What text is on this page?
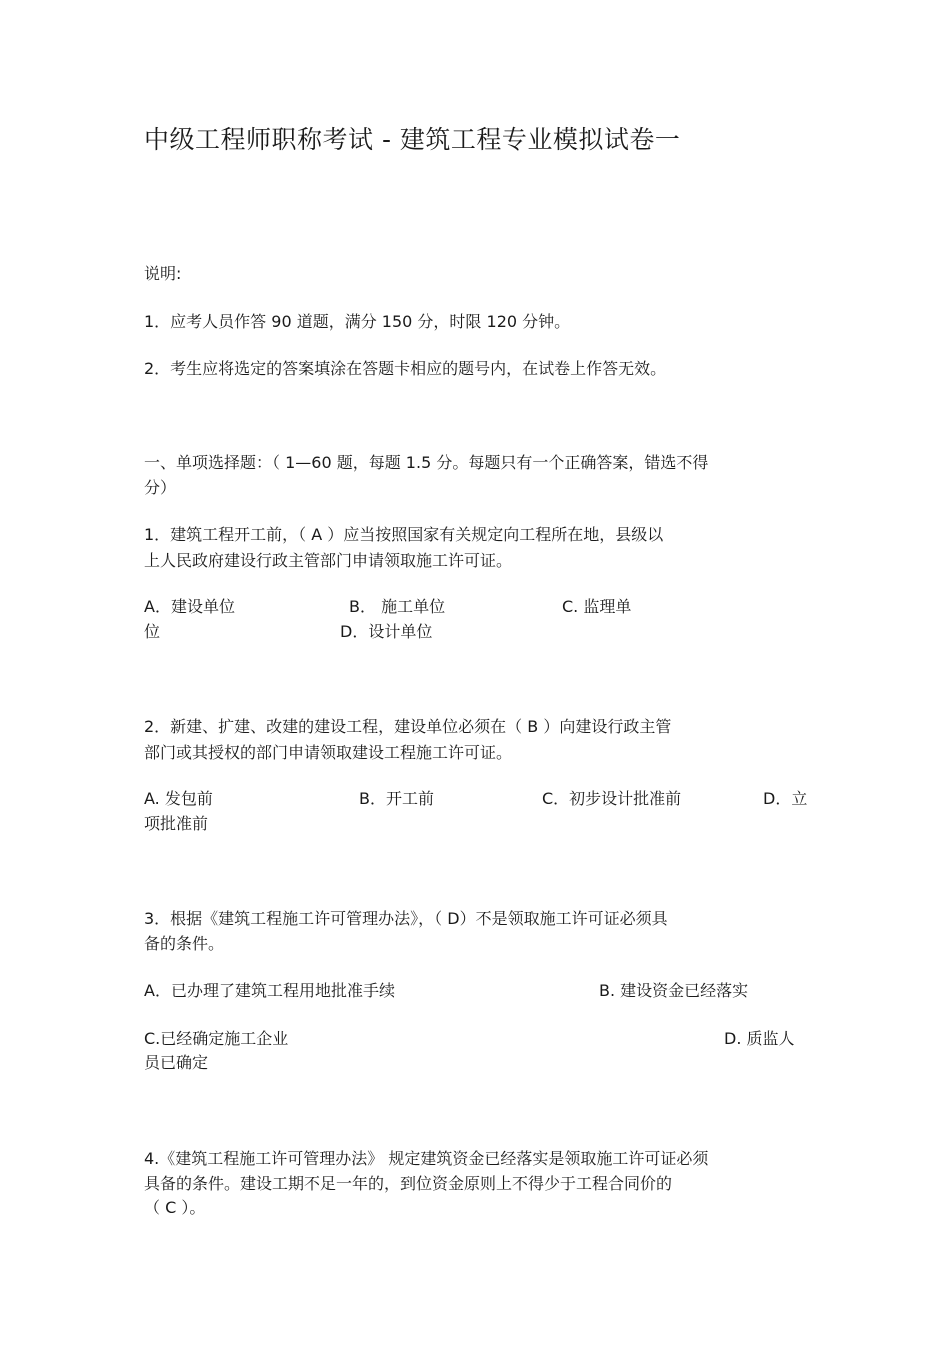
中级工程师职称考试 - 建筑工程专业模拟试卷一
说明:
1．应考人员作答 90 道题，满分 150 分，时限 120 分钟。
2．考生应将选定的答案填涂在答题卡相应的题号内，在试卷上作答无效。
一、单项选择题：（ 1—60 题，每题 1.5 分。每题只有一个正确答案，错选不得
分）
1．建筑工程开工前，（ A ）应当按照国家有关规定向工程所在地，县级以
上人民政府建设行政主管部门申请领取施工许可证。
A．建设单位	B． 施工单位	C. 监理单
位	D．设计单位
2．新建、扩建、改建的建设工程，建设单位必须在（ B ）向建设行政主管
部门或其授权的部门申请领取建设工程施工许可证。
A. 发包前	B．开工前	C．初步设计批准前	D．立
项批准前
3．根据《建筑工程施工许可管理办法》，（ D）不是领取施工许可证必须具
备的条件。
A．已办理了建筑工程用地批准手续	B. 建设资金已经落实
C.已经确定施工企业	D. 质监人
员已确定
4.《建筑工程施工许可管理办法》 规定建筑资金已经落实是领取施工许可证必须
具备的条件。建设工期不足一年的，到位资金原则上不得少于工程合同价的
（ C ）。
